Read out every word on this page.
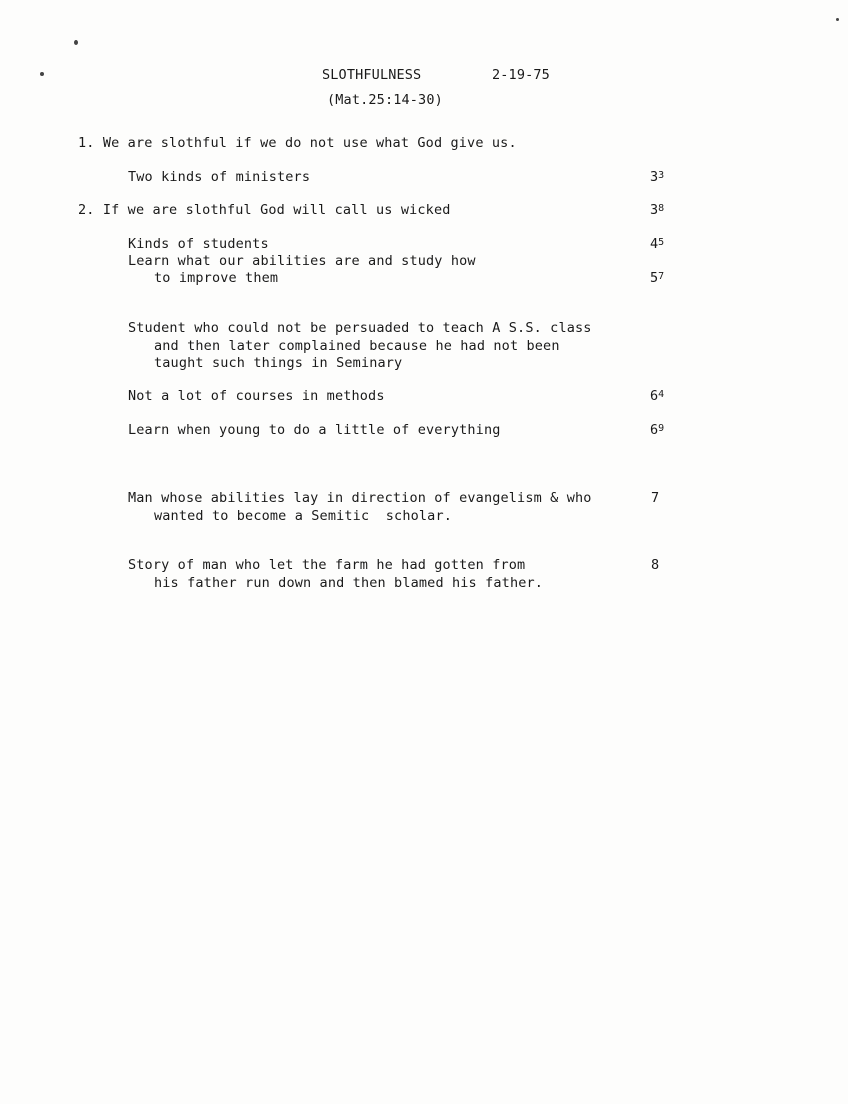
SLOTHFULNESS	2-19-75
(Mat.25:14-30)
1. We are slothful if we do not use what God give us.
Two kinds of ministers	$3^3$
2. If we are slothful God will call us wicked	$3^8$
Kinds of students	$4^5$
Learn what our abilities are and study how
to improve them	$5^7$
Student who could not be persuaded to teach A S.S. class
and then later complained because he had not been
taught such things in Seminary
Not a lot of courses in methods	$6^4$
Learn when young to do a little of everything	$6^9$
Man whose abilities lay in direction of evangelism & who	7
wanted to become a Semitic  scholar.
Story of man who let the farm he had gotten from	8
his father run down and then blamed his father.
